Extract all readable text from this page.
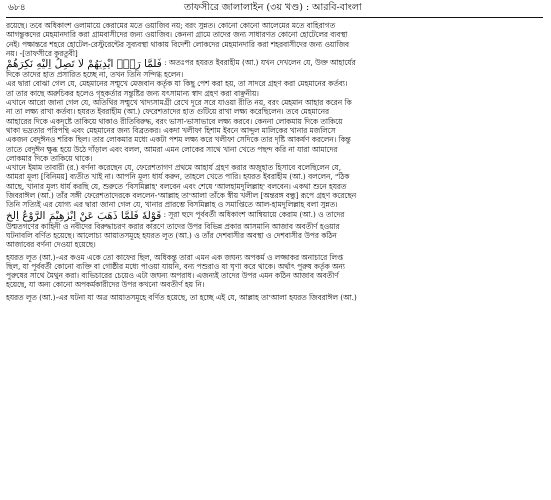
৬৮৪	তাফসীরে জালালাইন (৩য় খণ্ড) : আরবি-বাংলা
রয়েছে। তবে অধিকাংশ ওলামায়ে কেরামের মতে ওয়াজিব নয়; বরং সুন্নত। কোনো কোনো আলেমের মতে বাহিরাগত
আগন্তুকদের মেহমানদারি করা গ্রামবাসীদের জন্য ওয়াজিব। কেননা গ্রামে তাদের জন্য সাধারণত কোনো হোটেলের ব্যবস্থা
নেই। পক্ষান্তরে শহরে হোটেল-রেস্টুরেন্টের সুব্যবস্থা থাকায় বিদেশী লোকদের মেহমানদারি করা শহরবাসীদের জন্য ওয়াজিব
নয়। -[তাফসীরে কুরতুবী]
فَلَمَّا رَاٰۤ اَيْدِيَهُمْ لَا تَصِلُ اِلَيْهِ نَكِرَهُمْ : অতঃপর হযরত ইবরাহীম (আ.) যখন দেখলেন যে, উক্ত আহার্যের
দিকে তাদের হাত প্রসারিত হচ্ছে না, তখন তিনি সন্দিগ্ধ হলেন।
এর দ্বারা বোঝা গেল যে, মেহমানের সম্মুখে মেজবান কর্তৃক যা কিছু পেশ করা হয়, তা সাদরে গ্রহণ করা মেহমানের কর্তব্য।
তা তার কাছে অরুচিকর হলেও গৃহকর্তার সন্তুষ্টির জন্য যৎসামান্য স্বাদ গ্রহণ করা বাঞ্ছনীয়।
এখানে আরো জানা গেল যে, অতিথির সম্মুখে খাদ্যসামগ্রী রেখে দূরে সরে যাওয়া রীতি নয়, বরং মেহমান আহার করেন কি
না তা লক্ষ্য রাখা কর্তব্য। হযরত ইবরাহীম (আ.) ফেরেশতাদের হাত গুটিয়ে রাখা লক্ষ্য করেছিলেন। তবে মেহমানের
আহারের দিকে একদৃষ্টে তাকিয়ে থাকাও রীতিবিরুদ্ধ, বরং ভাসা-ভাসাভাবে লক্ষ্য করবে। কেননা লোকমায় দিকে তাকিয়ে
থাকা ভদ্রতার পরিপন্থি এবং মেহমানের জন্য বিব্রতকর। একদা খলীফা হিশাম ইবনে আব্দুল মালিকের খানার মজলিসে
একজন বেদুঈনও শরিক ছিল। তার লোকমার মধ্যে একটা পশম লক্ষ্য করে খলীফা সেদিকে তার দৃষ্টি আকর্ষণ করলেন। কিন্তু
তাতে বেদুঈন ক্ষুব্ধ হয়ে উঠে দাঁড়াল এবং বলল, আমরা এমন লোকের সাথে খানা খেতে পছন্দ করি না যারা আমাদের
লোকমার দিকে তাকিয়ে থাকে।
এখানে ইমাম তাবারী (র.) বর্ণনা করেছেন যে, ফেরেশতাগণ প্রথমে আহার্য গ্রহণ করার অজুহাত হিসাবে বলেছিলেন যে,
আমরা মূল্য [বিনিময়] ব্যতীত খাই না। আপনি মূল্য ধার্য করুন, তাহলে খেতে পারি। হযরত ইবরাহীম (আ.) বললেন, "ঠিক
আছে, খানার মূল্য ধার্য করছি যে, শুরুতে 'বিসমিল্লাহ' বলবেন এবং শেষে 'আলহামদুলিল্লাহ' বলবেন। একথা শুনে হযরত
জিবরাঈল (আ.) তাঁর সঙ্গী ফেরেশতাদেরকে বললেন-'আল্লাহ তা'আলা তাঁকে স্বীয় খলীল [অন্তরঙ্গ বন্ধু] রূপে গ্রহণ করেছেন
তিনি সত্যিই এর যোগ্য এর দ্বারা জানা গেল যে, খানার প্রারম্ভে বিসমিল্লাহ ও সমাপ্তিতে আল-হামদুলিল্লাহ বলা সুন্নত।
قَوْلُهٗ فَلَمَّا ذَهَبَ عَنْ اِبْرٰهِيْمَ الرَّوْعُ اِلَخ : সূরা হুদে পূর্ববর্তী অধিকাংশ আম্বিয়ায়ে কেরাম (আ.) ও তাদের
উম্মতগণের কাহিনী ও নবীদের বিরুদ্ধাচরণ করার কারণে তাদের উপর বিভিন্ন প্রকার আসমানি আজাব অবতীর্ণ হওয়ার
ঘটনাবলি বর্ণিত হয়েছে। আলোচ্য আয়াতসমূহে হযরত লূত (আ.) ও তাঁর দেশবাসীর অবস্থা ও দেশবাসীর উপর কঠিন
আজাবের বর্ণনা দেওয়া হয়েছে।
হযরত লূত (আ.)-এর কওম একে তো কাফের ছিল, অধিকন্তু তারা এমন এক জঘন্য অপকর্ম ও লজ্জাকর অনাচারে লিপ্ত
ছিল, যা পূর্ববর্তী কোনো ব্যক্তি বা গোষ্ঠীর মধ্যে পাওয়া যায়নি, বন্য পশুরাও যা ঘৃণা করে থাকে। অর্থাৎ পুরুষ কর্তৃক অন্য
পুরুষের সাথে মৈথুন করা। ব্যভিচারের চেয়েও এটা জঘন্য অপরাধ। এজন্যই তাদের উপর এমন কঠিন আজাব অবতীর্ণ
হয়েছে, যা অন্য কোনো অপকর্মকারীদের উপর কখনো অবতীর্ণ হয় নি।
হযরত লূত (আ.)-এর ঘটনা যা অত্র আয়াতসমূহে বর্ণিত হয়েছে, তা হচ্ছে এই যে, আল্লাহ তা'আলা হযরত জিবরাঈল (আ.)
